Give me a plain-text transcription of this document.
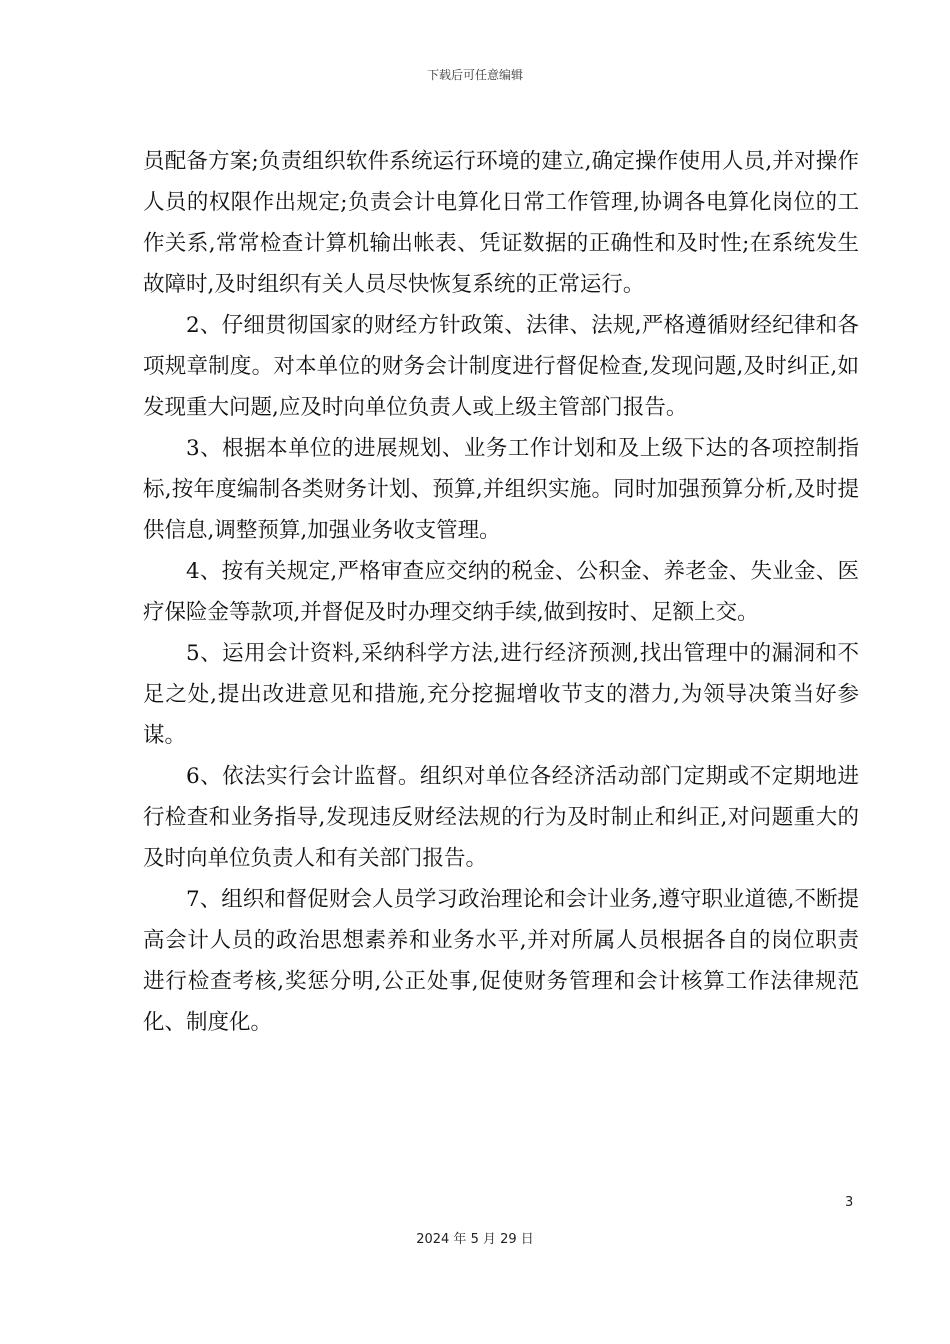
下载后可任意编辑

员配备方案;负责组织软件系统运行环境的建立,确定操作使用人员,并对操作人员的权限作出规定;负责会计电算化日常工作管理,协调各电算化岗位的工作关系,常常检查计算机输出帐表、凭证数据的正确性和及时性;在系统发生故障时,及时组织有关人员尽快恢复系统的正常运行。

2、仔细贯彻国家的财经方针政策、法律、法规,严格遵循财经纪律和各项规章制度。对本单位的财务会计制度进行督促检查,发现问题,及时纠正,如发现重大问题,应及时向单位负责人或上级主管部门报告。

3、根据本单位的进展规划、业务工作计划和及上级下达的各项控制指标,按年度编制各类财务计划、预算,并组织实施。同时加强预算分析,及时提供信息,调整预算,加强业务收支管理。

4、按有关规定,严格审查应交纳的税金、公积金、养老金、失业金、医疗保险金等款项,并督促及时办理交纳手续,做到按时、足额上交。

5、运用会计资料,采纳科学方法,进行经济预测,找出管理中的漏洞和不足之处,提出改进意见和措施,充分挖掘增收节支的潜力,为领导决策当好参谋。

6、依法实行会计监督。组织对单位各经济活动部门定期或不定期地进行检查和业务指导,发现违反财经法规的行为及时制止和纠正,对问题重大的及时向单位负责人和有关部门报告。

7、组织和督促财会人员学习政治理论和会计业务,遵守职业道德,不断提高会计人员的政治思想素养和业务水平,并对所属人员根据各自的岗位职责进行检查考核,奖惩分明,公正处事,促使财务管理和会计核算工作法律规范化、制度化。

3
2024 年 5 月 29 日
